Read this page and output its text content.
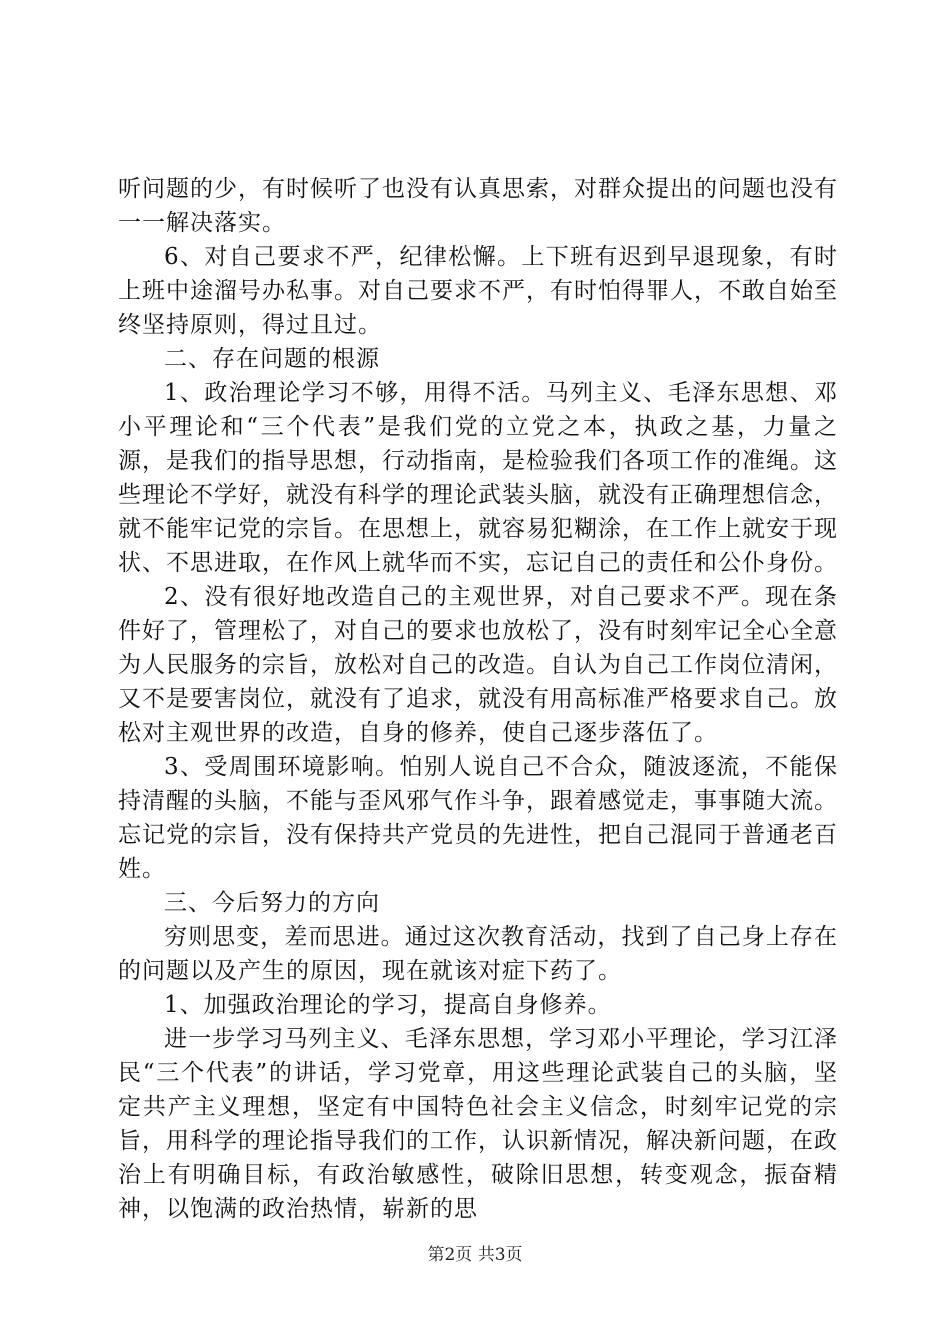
听问题的少，有时候听了也没有认真思索，对群众提出的问题也没有一一解决落实。

6、对自己要求不严，纪律松懈。上下班有迟到早退现象，有时上班中途溜号办私事。对自己要求不严，有时怕得罪人，不敢自始至终坚持原则，得过且过。

二、存在问题的根源

1、政治理论学习不够，用得不活。马列主义、毛泽东思想、邓小平理论和“三个代表”是我们党的立党之本，执政之基，力量之源，是我们的指导思想，行动指南，是检验我们各项工作的准绳。这些理论不学好，就没有科学的理论武装头脑，就没有正确理想信念，就不能牢记党的宗旨。在思想上，就容易犯糊涂，在工作上就安于现状、不思进取，在作风上就华而不实，忘记自己的责任和公仆身份。

2、没有很好地改造自己的主观世界，对自己要求不严。现在条件好了，管理松了，对自己的要求也放松了，没有时刻牢记全心全意为人民服务的宗旨，放松对自己的改造。自认为自己工作岗位清闲，又不是要害岗位，就没有了追求，就没有用高标准严格要求自己。放松对主观世界的改造，自身的修养，使自己逐步落伍了。

3、受周围环境影响。怕别人说自己不合众，随波逐流，不能保持清醒的头脑，不能与歪风邪气作斗争，跟着感觉走，事事随大流。忘记党的宗旨，没有保持共产党员的先进性，把自己混同于普通老百姓。

三、今后努力的方向

穷则思变，差而思进。通过这次教育活动，找到了自己身上存在的问题以及产生的原因，现在就该对症下药了。

1、加强政治理论的学习，提高自身修养。

进一步学习马列主义、毛泽东思想，学习邓小平理论，学习江泽民“三个代表”的讲话，学习党章，用这些理论武装自己的头脑，坚定共产主义理想，坚定有中国特色社会主义信念，时刻牢记党的宗旨，用科学的理论指导我们的工作，认识新情况，解决新问题，在政治上有明确目标，有政治敏感性，破除旧思想，转变观念，振奋精神，以饱满的政治热情，崭新的思

第2页 共3页
